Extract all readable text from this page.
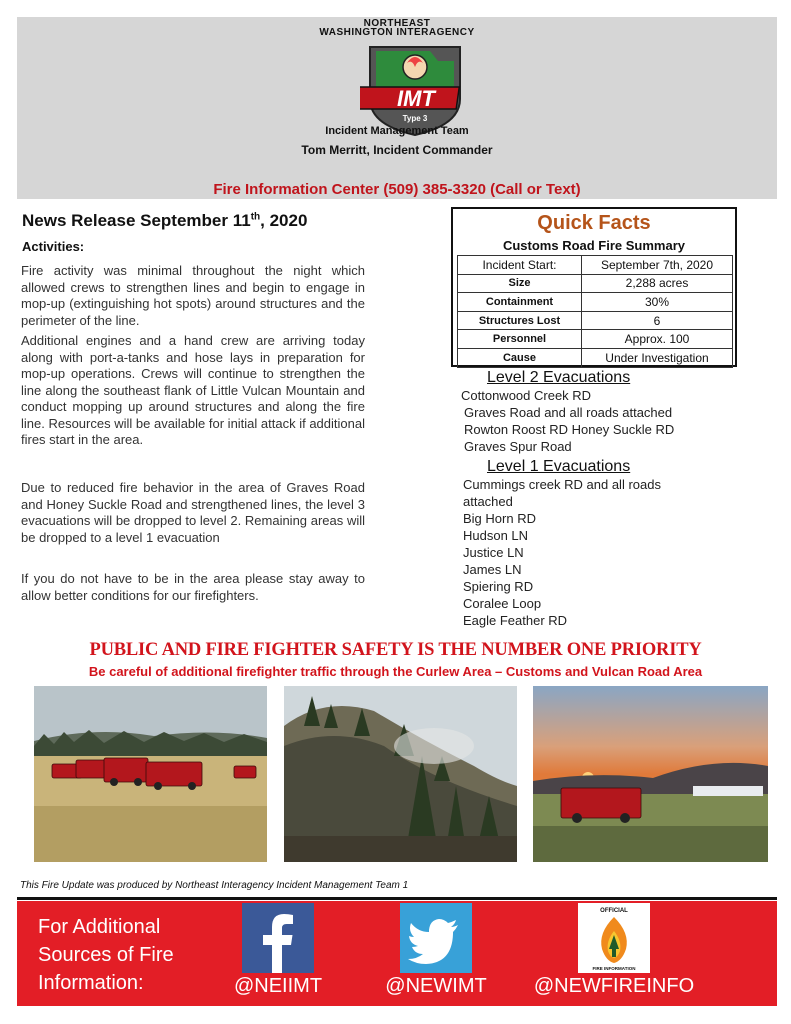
NORTHEAST
WASHINGTON INTERAGENCY
IMT
Type 3
Incident Management Team
Tom Merritt, Incident Commander
Fire Information Center (509) 385-3320 (Call or Text)
News Release September 11th, 2020
Activities:

Fire activity was minimal throughout the night which allowed crews to strengthen lines and begin to engage in mop-up (extinguishing hot spots) around structures and the perimeter of the line.

Additional engines and a hand crew are arriving today along with port-a-tanks and hose lays in preparation for mop-up operations. Crews will continue to strengthen the line along the southeast flank of Little Vulcan Mountain and conduct mopping up around structures and along the fire line. Resources will be available for initial attack if additional fires start in the area.

Due to reduced fire behavior in the area of Graves Road and Honey Suckle Road and strengthened lines, the level 3 evacuations will be dropped to level 2. Remaining areas will be dropped to a level 1 evacuation

If you do not have to be in the area please stay away to allow better conditions for our firefighters.

Quick Facts
Customs Road Fire Summary
Incident Start:	September 7th, 2020
Size	2,288 acres
Containment	30%
Structures Lost	6
Personnel	Approx. 100
Cause	Under Investigation
Level 2 Evacuations
Cottonwood Creek RD
Graves Road and all roads attached
Rowton Roost RD Honey Suckle RD
Graves Spur Road
Level 1 Evacuations
Cummings creek RD and all roads attached
Big Horn RD
Hudson LN
Justice LN
James LN
Spiering RD
Coralee Loop
Eagle Feather RD
PUBLIC AND FIRE FIGHTER SAFETY IS THE NUMBER ONE PRIORITY
Be careful of additional firefighter traffic through the Curlew Area – Customs and Vulcan Road Area
This Fire Update was produced by Northeast Interagency Incident Management Team 1
For Additional
Sources of Fire
Information:	@NEIIMT	@NEWIMT
OFFICIAL
FIRE INFORMATION
@NEWFIREINFO
